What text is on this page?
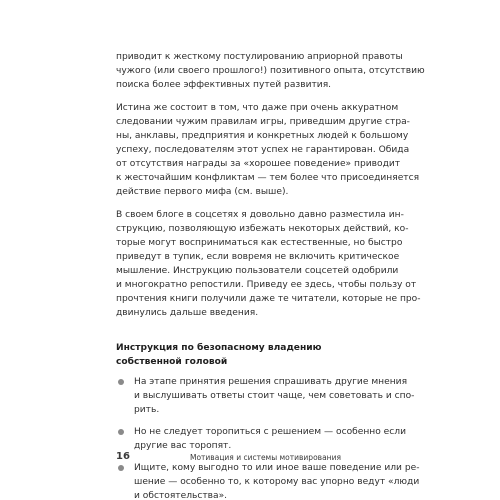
приводит к жесткому постулированию априорной правоты
чужого (или своего прошлого!) позитивного опыта, отсутствию
поиска более эффективных путей развития.

Истина же состоит в том, что даже при очень аккуратном
следовании чужим правилам игры, приведшим другие стра-
ны, анклавы, предприятия и конкретных людей к большому
успеху, последователям этот успех не гарантирован. Обида
от отсутствия награды за «хорошее поведение» приводит
к жесточайшим конфликтам — тем более что присоединяется
действие первого мифа (см. выше).

В своем блоге в соцсетях я довольно давно разместила ин-
струкцию, позволяющую избежать некоторых действий, ко-
торые могут восприниматься как естественные, но быстро
приведут в тупик, если вовремя не включить критическое
мышление. Инструкцию пользователи соцсетей одобрили
и многократно репостили. Приведу ее здесь, чтобы пользу от
прочтения книги получили даже те читатели, которые не про-
двинулись дальше введения.

Инструкция по безопасному владению
собственной головой
На этапе принятия решения спрашивать другие мнения
и выслушивать ответы стоит чаще, чем советовать и спо-
рить.
Но не следует торопиться с решением — особенно если
другие вас торопят.
Ищите, кому выгодно то или иное ваше поведение или ре-
шение — особенно то, к которому вас упорно ведут «люди
и обстоятельства».
16	Мотивация и системы мотивирования
